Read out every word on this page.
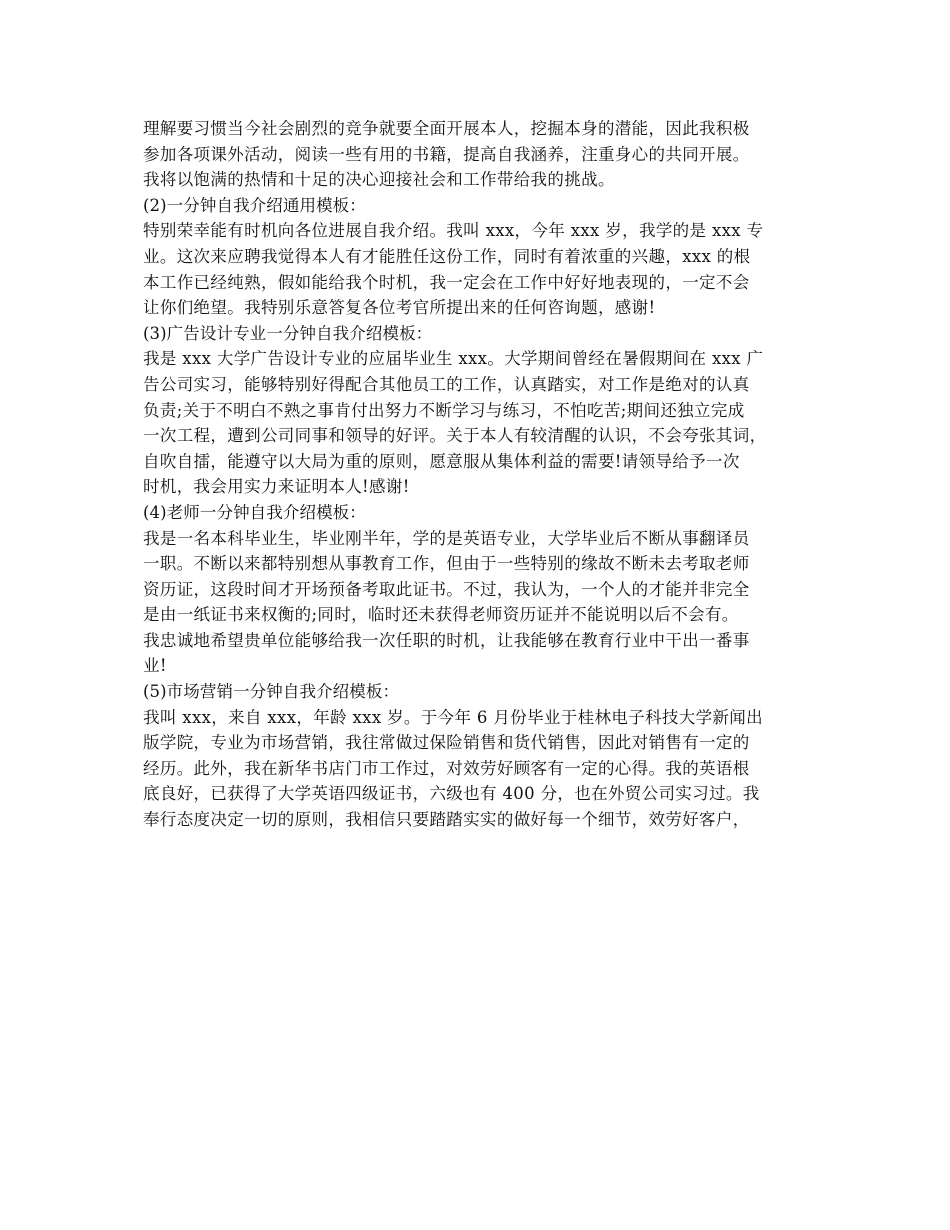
理解要习惯当今社会剧烈的竞争就要全面开展本人，挖掘本身的潜能，因此我积极
参加各项课外活动，阅读一些有用的书籍，提高自我涵养，注重身心的共同开展。
我将以饱满的热情和十足的决心迎接社会和工作带给我的挑战。
(2)一分钟自我介绍通用模板：
特别荣幸能有时机向各位进展自我介绍。我叫 xxx，今年 xxx 岁，我学的是 xxx 专
业。这次来应聘我觉得本人有才能胜任这份工作，同时有着浓重的兴趣，xxx 的根
本工作已经纯熟，假如能给我个时机，我一定会在工作中好好地表现的，一定不会
让你们绝望。我特别乐意答复各位考官所提出来的任何咨询题，感谢!
(3)广告设计专业一分钟自我介绍模板：
我是 xxx 大学广告设计专业的应届毕业生 xxx。大学期间曾经在暑假期间在 xxx 广
告公司实习，能够特别好得配合其他员工的工作，认真踏实，对工作是绝对的认真
负责;关于不明白不熟之事肯付出努力不断学习与练习，不怕吃苦;期间还独立完成
一次工程，遭到公司同事和领导的好评。关于本人有较清醒的认识，不会夸张其词，
自吹自擂，能遵守以大局为重的原则，愿意服从集体利益的需要!请领导给予一次
时机，我会用实力来证明本人!感谢!
(4)老师一分钟自我介绍模板：
我是一名本科毕业生，毕业刚半年，学的是英语专业，大学毕业后不断从事翻译员
一职。不断以来都特别想从事教育工作，但由于一些特别的缘故不断未去考取老师
资历证，这段时间才开场预备考取此证书。不过，我认为，一个人的才能并非完全
是由一纸证书来权衡的;同时，临时还未获得老师资历证并不能说明以后不会有。
我忠诚地希望贵单位能够给我一次任职的时机，让我能够在教育行业中干出一番事
业!
(5)市场营销一分钟自我介绍模板：
我叫 xxx，来自 xxx，年龄 xxx 岁。于今年 6 月份毕业于桂林电子科技大学新闻出
版学院，专业为市场营销，我往常做过保险销售和货代销售，因此对销售有一定的
经历。此外，我在新华书店门市工作过，对效劳好顾客有一定的心得。我的英语根
底良好，已获得了大学英语四级证书，六级也有 400 分，也在外贸公司实习过。我
奉行态度决定一切的原则，我相信只要踏踏实实的做好每一个细节，效劳好客户，
